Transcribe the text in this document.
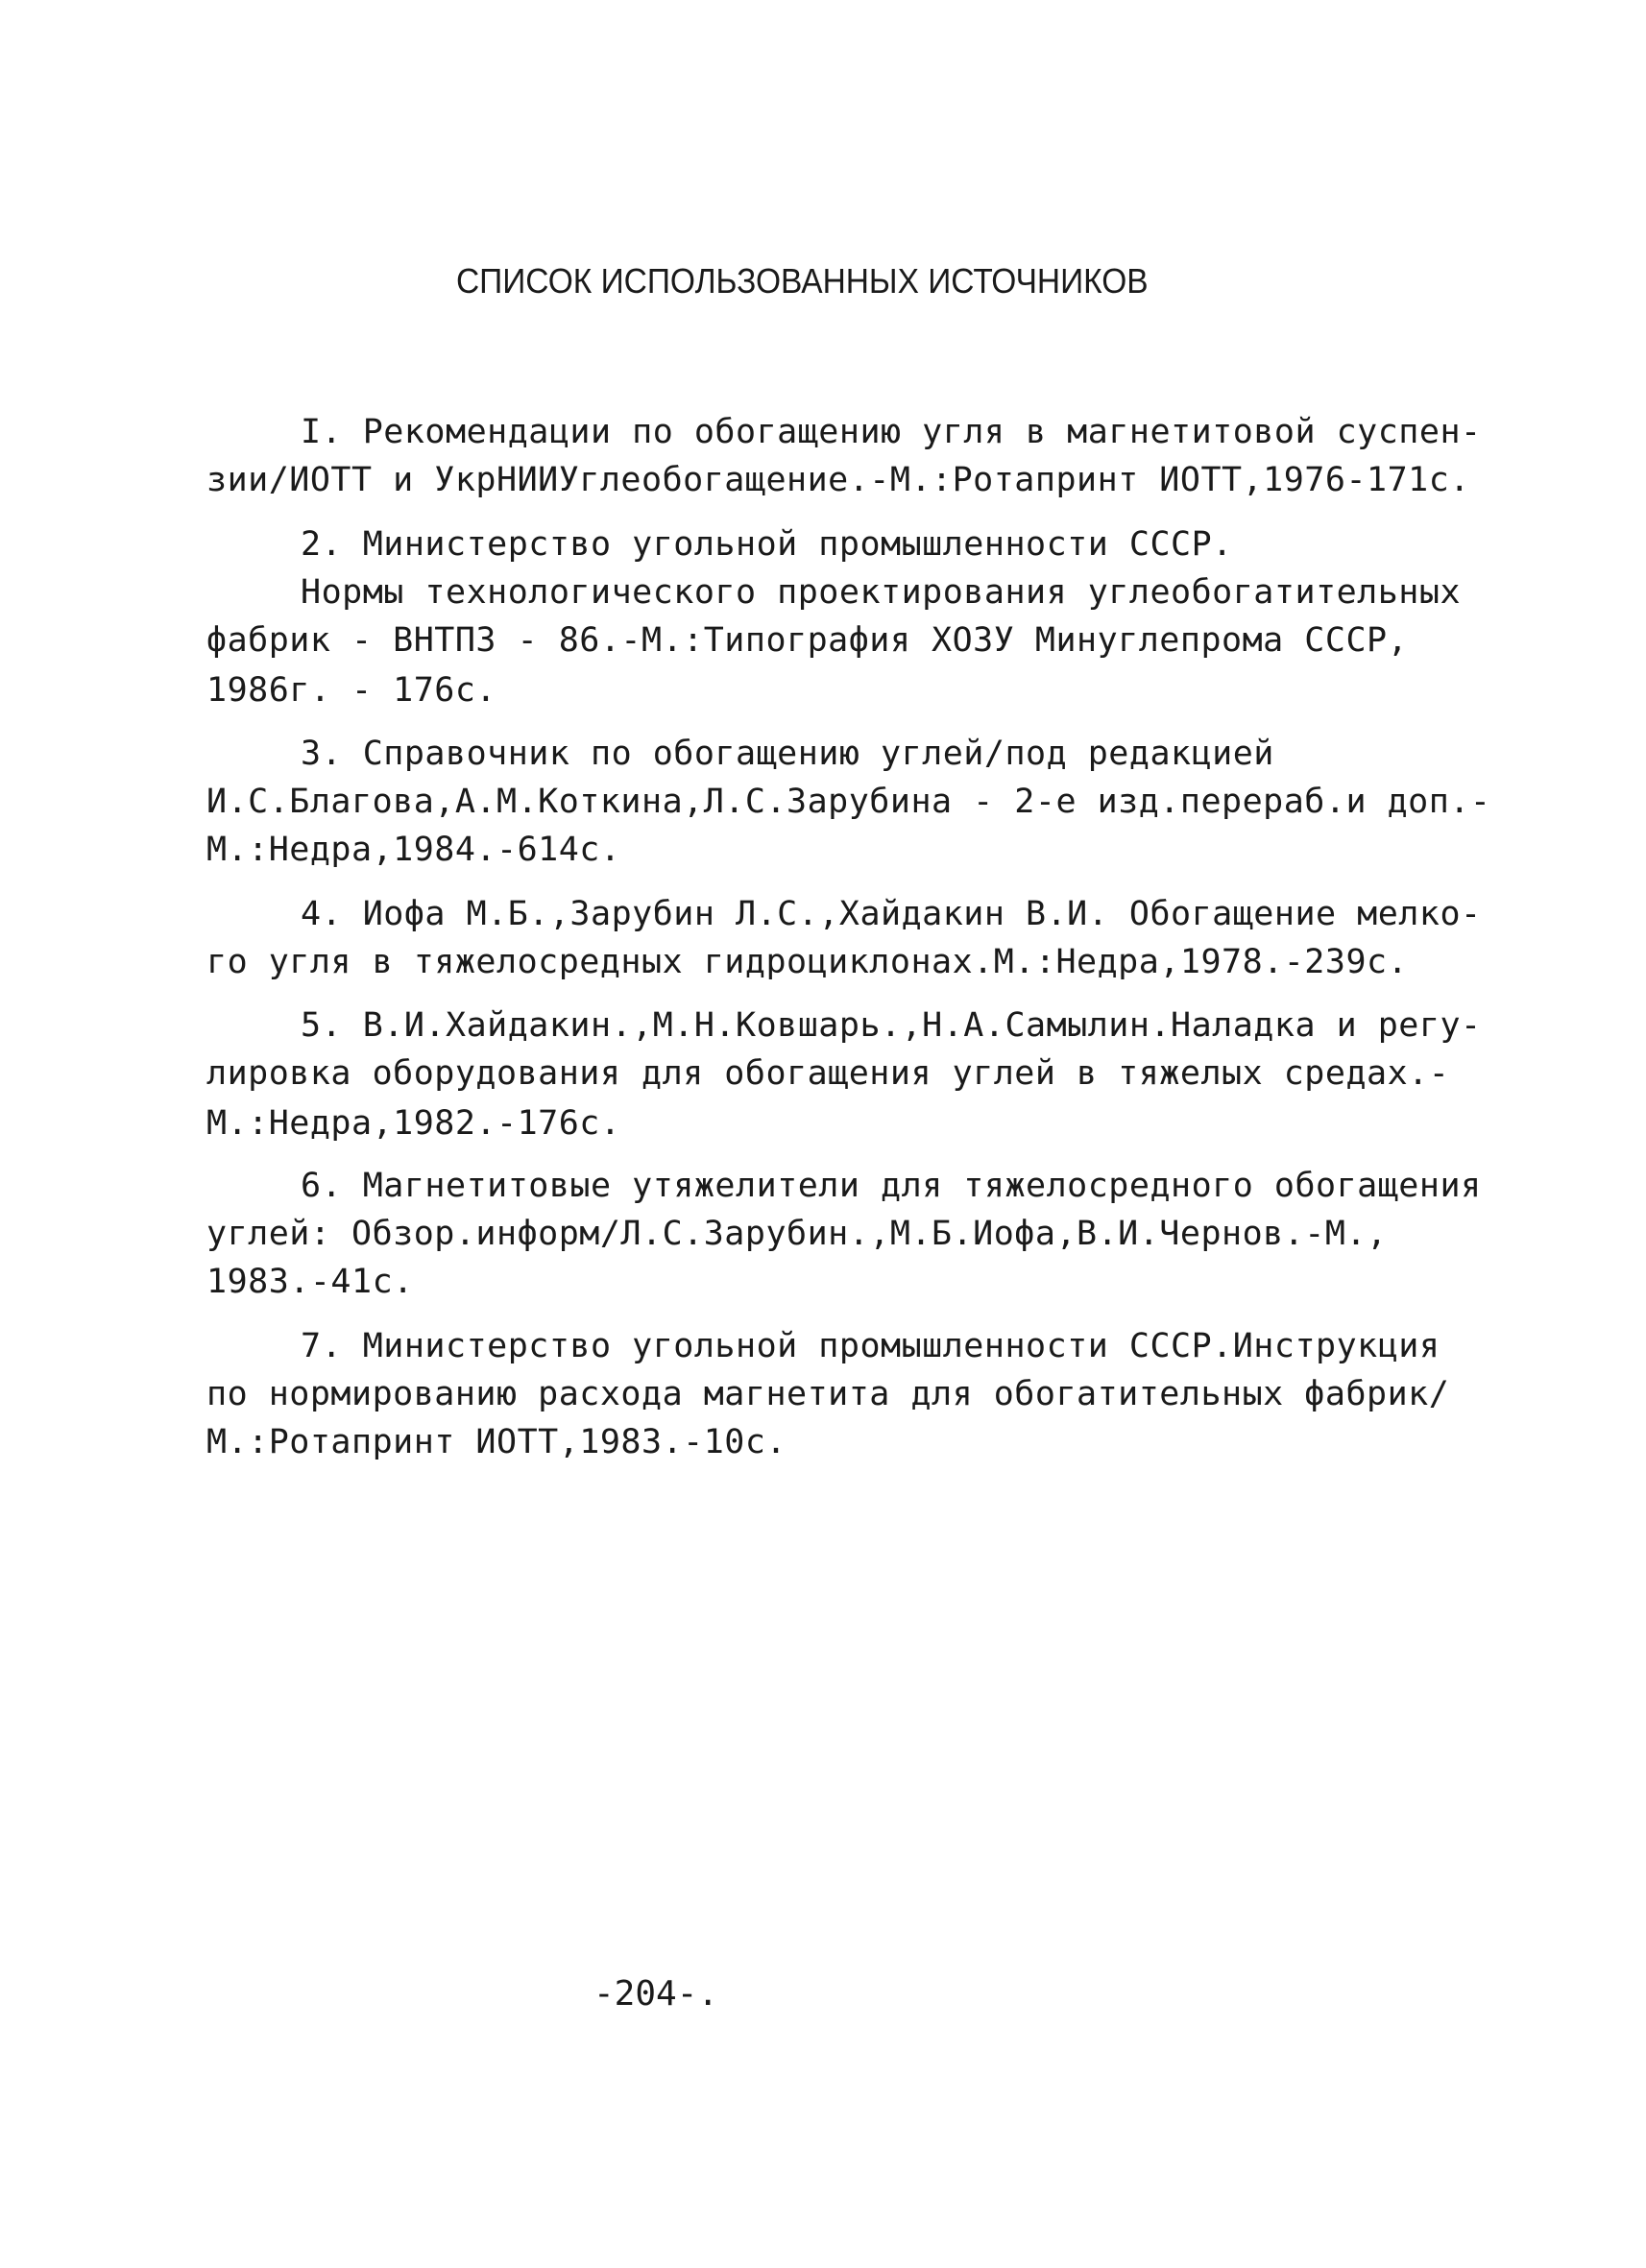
СПИСОК ИСПОЛЬЗОВАННЫХ ИСТОЧНИКОВ
I. Рекомендации по обогащению угля в магнетитовой суспен-
зии/ИОТТ и УкрНИИУглеобогащение.-М.:Ротапринт ИОТТ,1976-171с.
2. Министерство угольной промышленности СССР.
Нормы технологического проектирования углеобогатительных
фабрик - ВНТП3 - 86.-М.:Типография ХОЗУ Минуглепрома СССР,
1986г. - 176с.
3. Справочник по обогащению углей/под редакцией
И.С.Благова,А.М.Коткина,Л.С.Зарубина - 2-е изд.перераб.и доп.-
М.:Недра,1984.-614с.
4. Иофа М.Б.,Зарубин Л.С.,Хайдакин В.И. Обогащение мелко-
го угля в тяжелосредных гидроциклонах.М.:Недра,1978.-239с.
5. В.И.Хайдакин.,М.Н.Ковшарь.,Н.А.Самылин.Наладка и регу-
лировка оборудования для обогащения углей в тяжелых средах.-
М.:Недра,1982.-176с.
6. Магнетитовые утяжелители для тяжелосредного обогащения
углей: Обзор.информ/Л.С.Зарубин.,М.Б.Иофа,В.И.Чернов.-М.,
1983.-41с.
7. Министерство угольной промышленности СССР.Инструкция
по нормированию расхода магнетита для обогатительных фабрик/
М.:Ротапринт ИОТТ,1983.-10с.
-204-.
